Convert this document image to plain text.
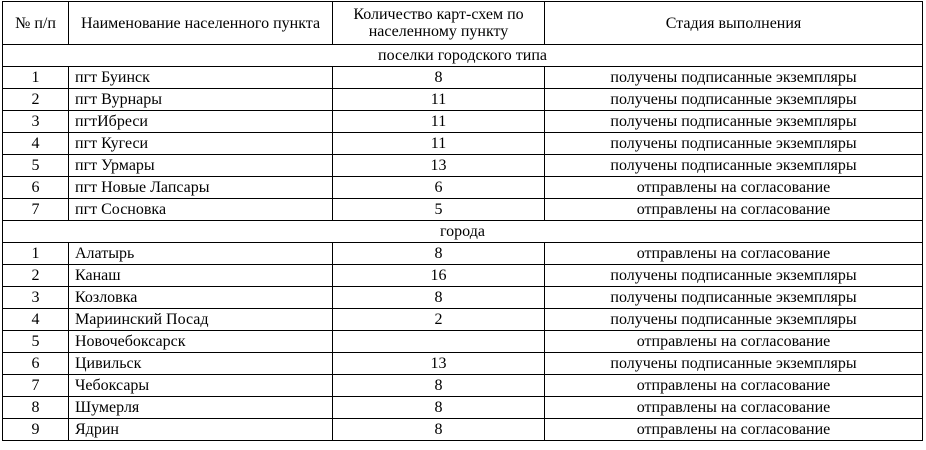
№ п/п	Наименование населенного пункта	Количество карт-схем по населенному пункту	Стадия выполнения
поселки городского типа			
1	пгт Буинск	8	получены подписанные экземпляры
2	пгт Вурнары	11	получены подписанные экземпляры
3	пгтИбреси	11	получены подписанные экземпляры
4	пгт Кугеси	11	получены подписанные экземпляры
5	пгт Урмары	13	получены подписанные экземпляры
6	пгт Новые Лапсары	6	отправлены на согласование
7	пгт Сосновка	5	отправлены на согласование
города			
1	Алатырь	8	отправлены на согласование
2	Канаш	16	получены подписанные экземпляры
3	Козловка	8	получены подписанные экземпляры
4	Мариинский Посад	2	получены подписанные экземпляры
5	Новочебоксарск		отправлены на согласование
6	Цивильск	13	получены подписанные экземпляры
7	Чебоксары	8	отправлены на согласование
8	Шумерля	8	отправлены на согласование
9	Ядрин	8	отправлены на согласование
